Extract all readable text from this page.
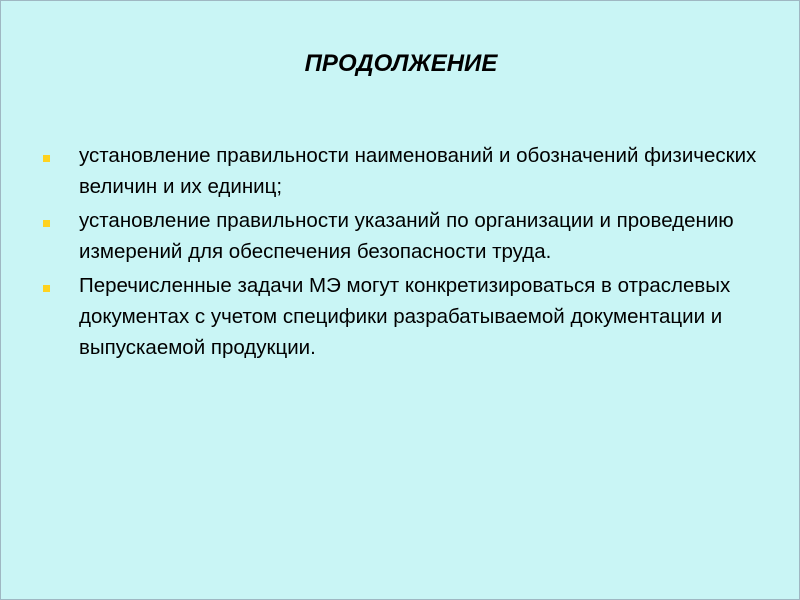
ПРОДОЛЖЕНИЕ
установление правильности наименований и обозначений физических величин и их единиц;
установление правильности указаний по организации и проведению измерений для обеспечения безопасности труда.
Перечисленные задачи МЭ могут конкретизироваться в отраслевых документах с учетом специфики разрабатываемой документации и выпускаемой продукции.
